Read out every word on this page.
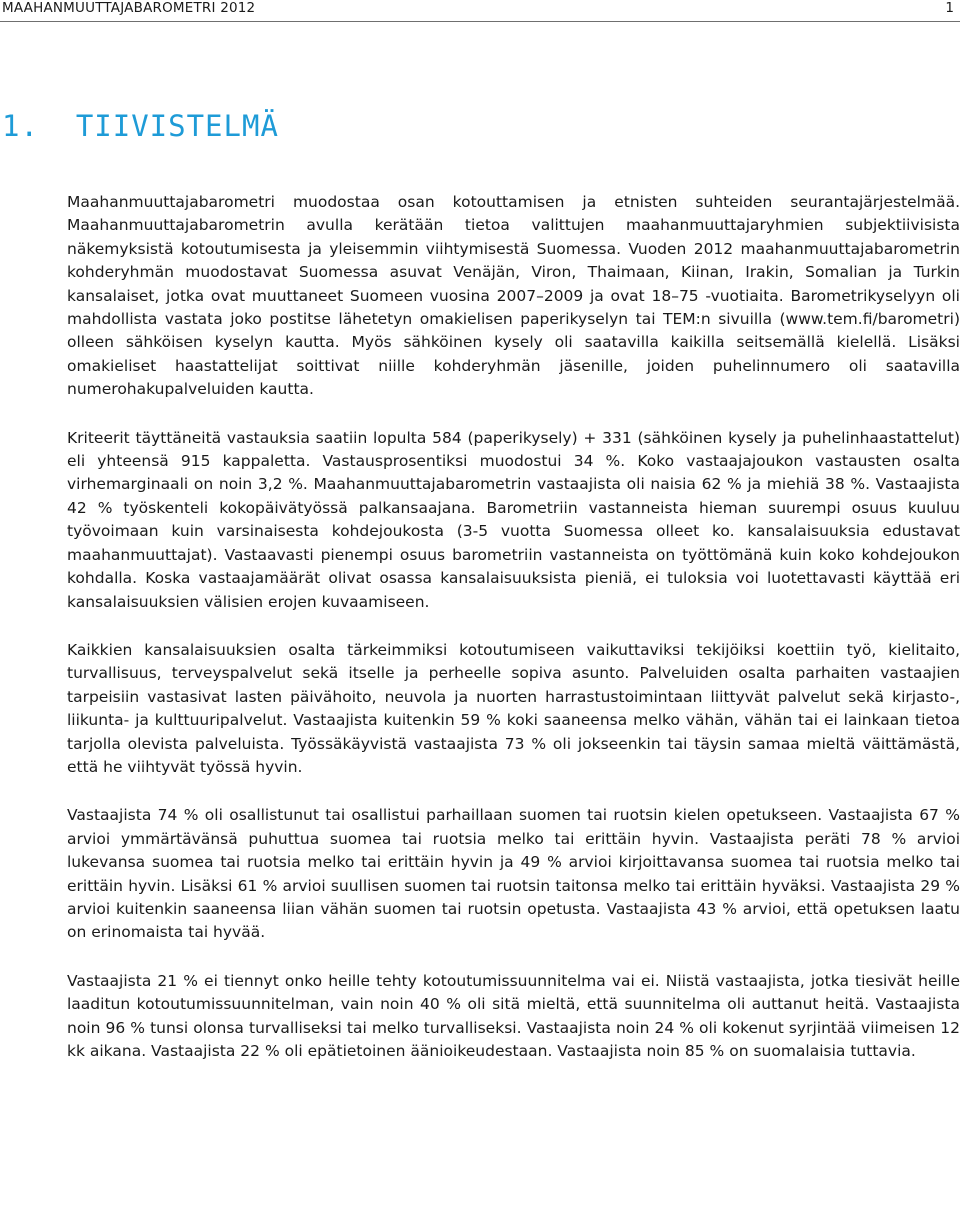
MAAHANMUUTTAJABAROMETRI 2012	1
1. TIIVISTELMÄ

Maahanmuuttajabarometri muodostaa osan kotouttamisen ja etnisten suhteiden seurantajärjestelmää. Maahanmuuttajabarometrin avulla kerätään tietoa valittujen maahanmuuttajaryhmien subjektiivisista näkemyksistä kotoutumisesta ja yleisemmin viihtymisestä Suomessa. Vuoden 2012 maahanmuuttajabarometrin kohderyhmän muodostavat Suomessa asuvat Venäjän, Viron, Thaimaan, Kiinan, Irakin, Somalian ja Turkin kansalaiset, jotka ovat muuttaneet Suomeen vuosina 2007–2009 ja ovat 18–75 -vuotiaita. Barometrikyselyyn oli mahdollista vastata joko postitse lähetetyn omakielisen paperikyselyn tai TEM:n sivuilla (www.tem.fi/barometri) olleen sähköisen kyselyn kautta. Myös sähköinen kysely oli saatavilla kaikilla seitsemällä kielellä. Lisäksi omakieliset haastattelijat soittivat niille kohderyhmän jäsenille, joiden puhelinnumero oli saatavilla numerohakupalveluiden kautta.

Kriteerit täyttäneitä vastauksia saatiin lopulta 584 (paperikysely) + 331 (sähköinen kysely ja puhelinhaastattelut) eli yhteensä 915 kappaletta. Vastausprosentiksi muodostui 34 %. Koko vastaajajoukon vastausten osalta virhemarginaali on noin 3,2 %. Maahanmuuttajabarometrin vastaajista oli naisia 62 % ja miehiä 38 %. Vastaajista 42 % työskenteli kokopäivätyössä palkansaajana. Barometriin vastanneista hieman suurempi osuus kuuluu työvoimaan kuin varsinaisesta kohdejoukosta (3-5 vuotta Suomessa olleet ko. kansalaisuuksia edustavat maahanmuuttajat). Vastaavasti pienempi osuus barometriin vastanneista on työttömänä kuin koko kohdejoukon kohdalla. Koska vastaajamäärät olivat osassa kansalaisuuksista pieniä, ei tuloksia voi luotettavasti käyttää eri kansalaisuuksien välisien erojen kuvaamiseen.

Kaikkien kansalaisuuksien osalta tärkeimmiksi kotoutumiseen vaikuttaviksi tekijöiksi koettiin työ, kielitaito, turvallisuus, terveyspalvelut sekä itselle ja perheelle sopiva asunto. Palveluiden osalta parhaiten vastaajien tarpeisiin vastasivat lasten päivähoito, neuvola ja nuorten harrastustoimintaan liittyvät palvelut sekä kirjasto-, liikunta- ja kulttuuripalvelut. Vastaajista kuitenkin 59 % koki saaneensa melko vähän, vähän tai ei lainkaan tietoa tarjolla olevista palveluista. Työssäkäyvistä vastaajista 73 % oli jokseenkin tai täysin samaa mieltä väittämästä, että he viihtyvät työssä hyvin.

Vastaajista 74 % oli osallistunut tai osallistui parhaillaan suomen tai ruotsin kielen opetukseen. Vastaajista 67 % arvioi ymmärtävänsä puhuttua suomea tai ruotsia melko tai erittäin hyvin. Vastaajista peräti 78 % arvioi lukevansa suomea tai ruotsia melko tai erittäin hyvin ja 49 % arvioi kirjoittavansa suomea tai ruotsia melko tai erittäin hyvin. Lisäksi 61 % arvioi suullisen suomen tai ruotsin taitonsa melko tai erittäin hyväksi. Vastaajista 29 % arvioi kuitenkin saaneensa liian vähän suomen tai ruotsin opetusta. Vastaajista 43 % arvioi, että opetuksen laatu on erinomaista tai hyvää.

Vastaajista 21 % ei tiennyt onko heille tehty kotoutumissuunnitelma vai ei. Niistä vastaajista, jotka tiesivät heille laaditun kotoutumissuunnitelman, vain noin 40 % oli sitä mieltä, että suunnitelma oli auttanut heitä. Vastaajista noin 96 % tunsi olonsa turvalliseksi tai melko turvalliseksi. Vastaajista noin 24 % oli kokenut syrjintää viimeisen 12 kk aikana. Vastaajista 22 % oli epätietoinen äänioikeudestaan. Vastaajista noin 85 % on suomalaisia tuttavia.
